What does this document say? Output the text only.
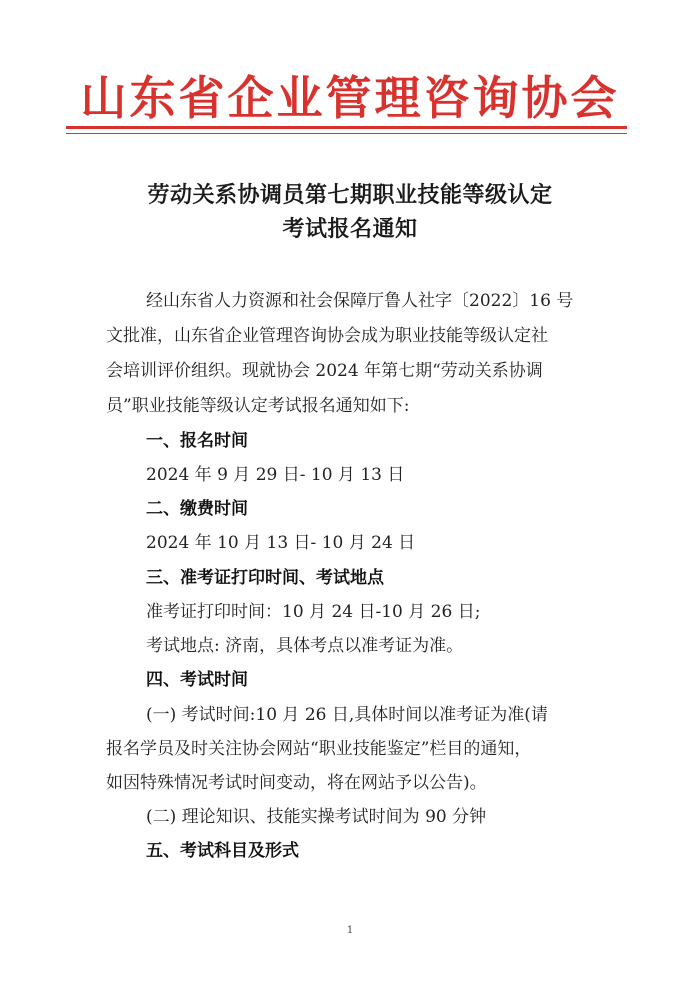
山东省企业管理咨询协会
劳动关系协调员第七期职业技能等级认定
考试报名通知
经山东省人力资源和社会保障厅鲁人社字〔2022〕16 号
文批准，山东省企业管理咨询协会成为职业技能等级认定社
会培训评价组织。现就协会 2024 年第七期“劳动关系协调
员”职业技能等级认定考试报名通知如下:
一、报名时间
2024 年 9 月 29 日- 10 月 13 日
二、缴费时间
2024 年 10 月 13 日- 10 月 24 日
三、准考证打印时间、考试地点
准考证打印时间：10 月 24 日-10 月 26 日;
考试地点: 济南，具体考点以准考证为准。
四、考试时间
(一) 考试时间:10 月 26 日,具体时间以准考证为准(请
报名学员及时关注协会网站“职业技能鉴定”栏目的通知，
如因特殊情况考试时间变动，将在网站予以公告)。
(二) 理论知识、技能实操考试时间为 90 分钟
五、考试科目及形式
1
